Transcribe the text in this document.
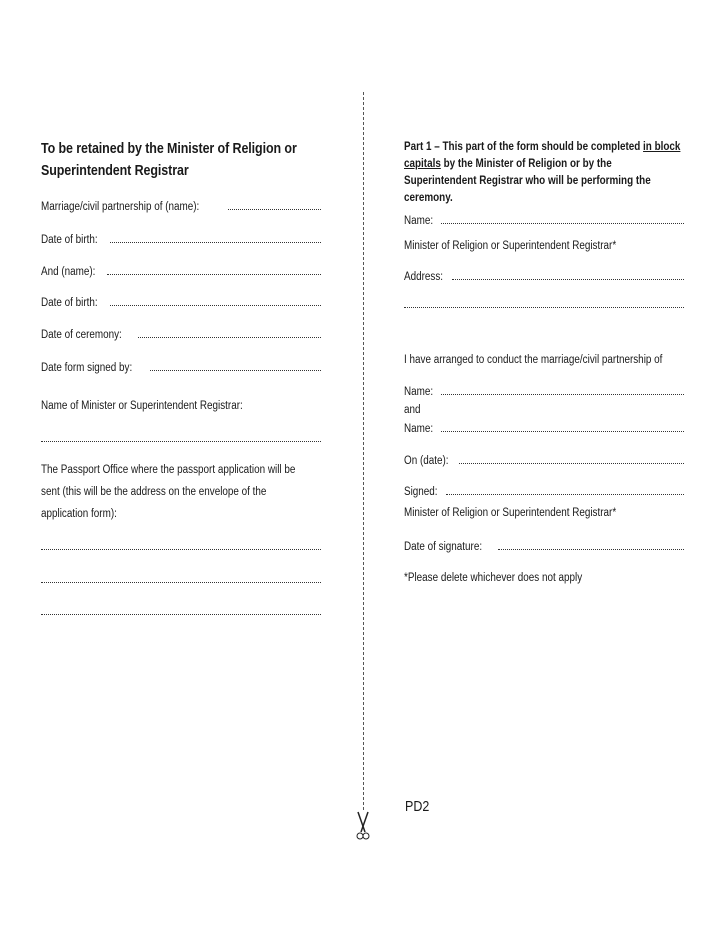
To be retained by the Minister of Religion or Superintendent Registrar
Marriage/civil partnership of (name):
Date of birth:
And (name):
Date of birth:
Date of ceremony:
Date form signed by:
Name of Minister or Superintendent Registrar:
The Passport Office where the passport application will be sent (this will be the address on the envelope of the application form):
Part 1 – This part of the form should be completed in block capitals by the Minister of Religion or by the Superintendent Registrar who will be performing the ceremony.
Name:
Minister of Religion or Superintendent Registrar*
Address:
I have arranged to conduct the marriage/civil partnership of
Name:
and
Name:
On (date):
Signed:
Minister of Religion or Superintendent Registrar*
Date of signature:
*Please delete whichever does not apply
PD2
